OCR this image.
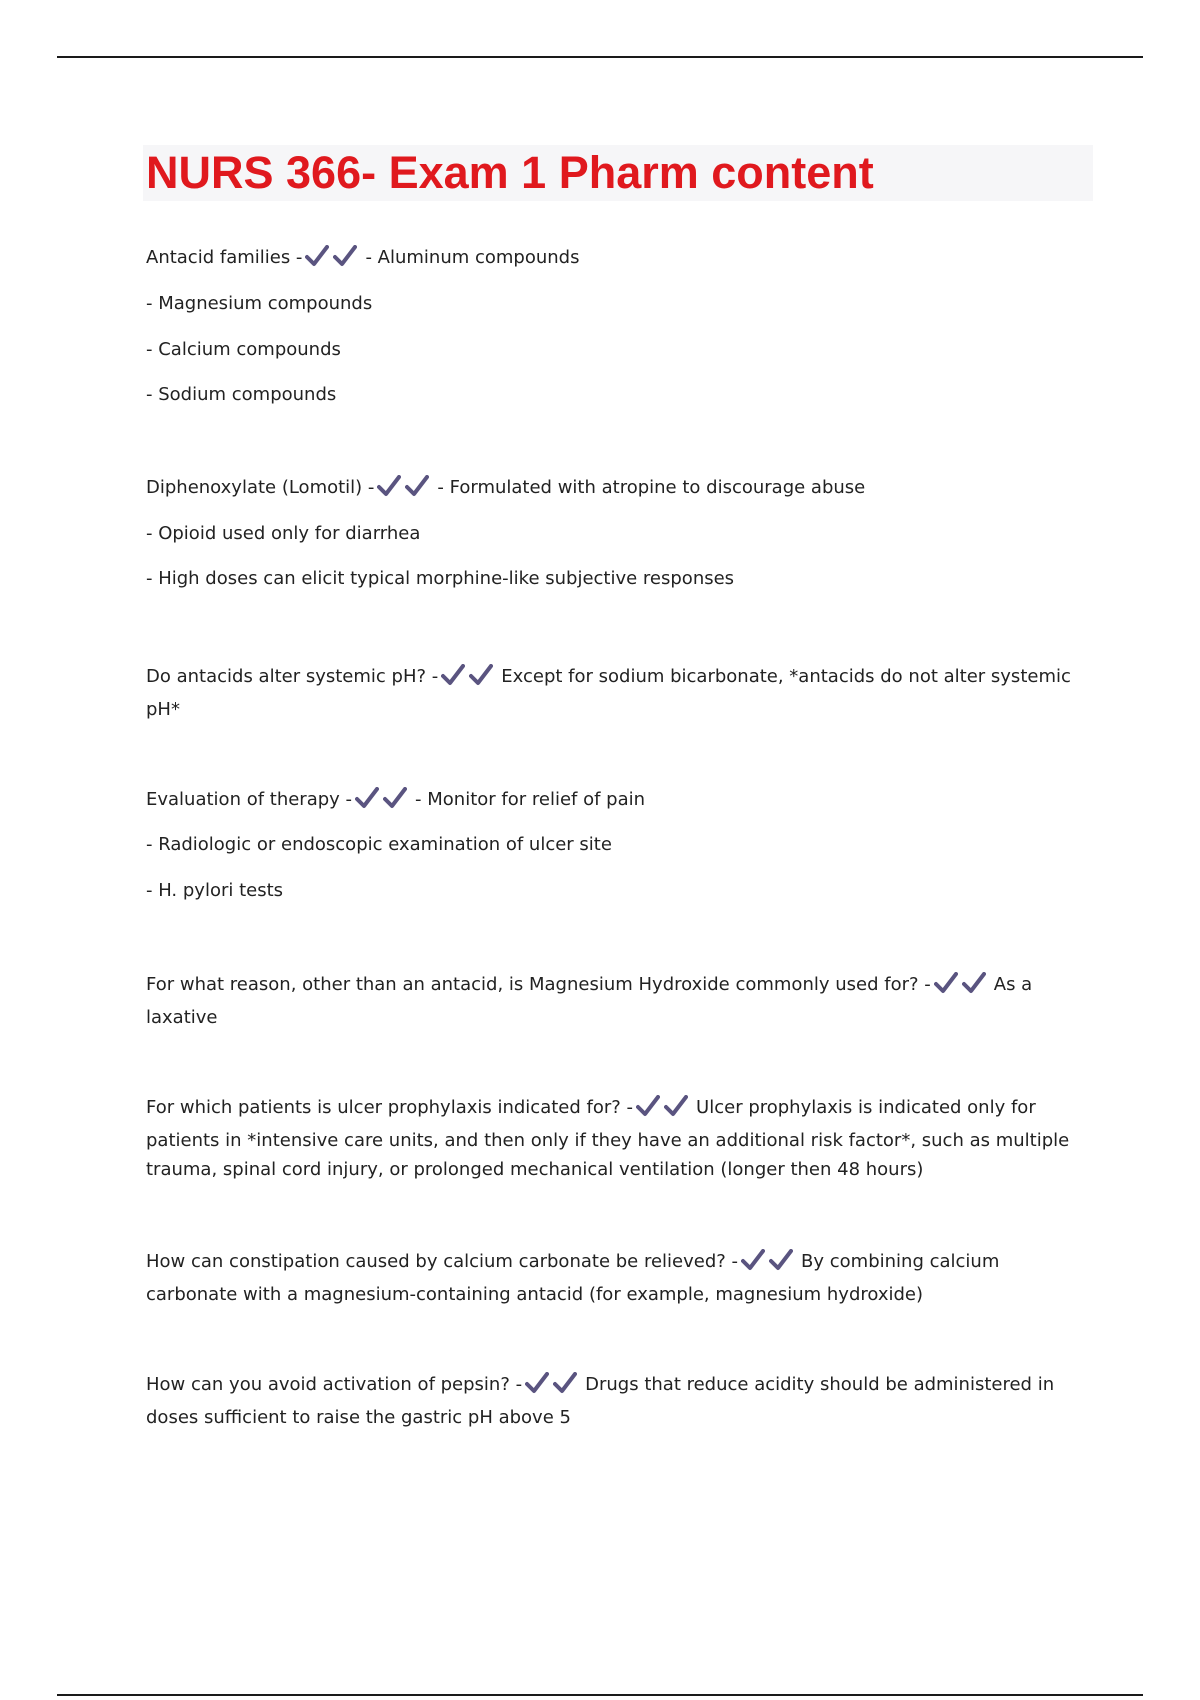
NURS 366- Exam 1 Pharm content
Antacid families -	- Aluminum compounds
- Magnesium compounds
- Calcium compounds
- Sodium compounds
Diphenoxylate (Lomotil) -	- Formulated with atropine to discourage abuse
- Opioid used only for diarrhea
- High doses can elicit typical morphine-like subjective responses
Do antacids alter systemic pH? -	Except for sodium bicarbonate, *antacids do not alter systemic pH*
Evaluation of therapy -	- Monitor for relief of pain
- Radiologic or endoscopic examination of ulcer site
- H. pylori tests
For what reason, other than an antacid, is Magnesium Hydroxide commonly used for? -	As a laxative
For which patients is ulcer prophylaxis indicated for? -	Ulcer prophylaxis is indicated only for patients in *intensive care units, and then only if they have an additional risk factor*, such as multiple trauma, spinal cord injury, or prolonged mechanical ventilation (longer then 48 hours)
How can constipation caused by calcium carbonate be relieved? -	By combining calcium carbonate with a magnesium-containing antacid (for example, magnesium hydroxide)
How can you avoid activation of pepsin? -	Drugs that reduce acidity should be administered in doses sufficient to raise the gastric pH above 5
